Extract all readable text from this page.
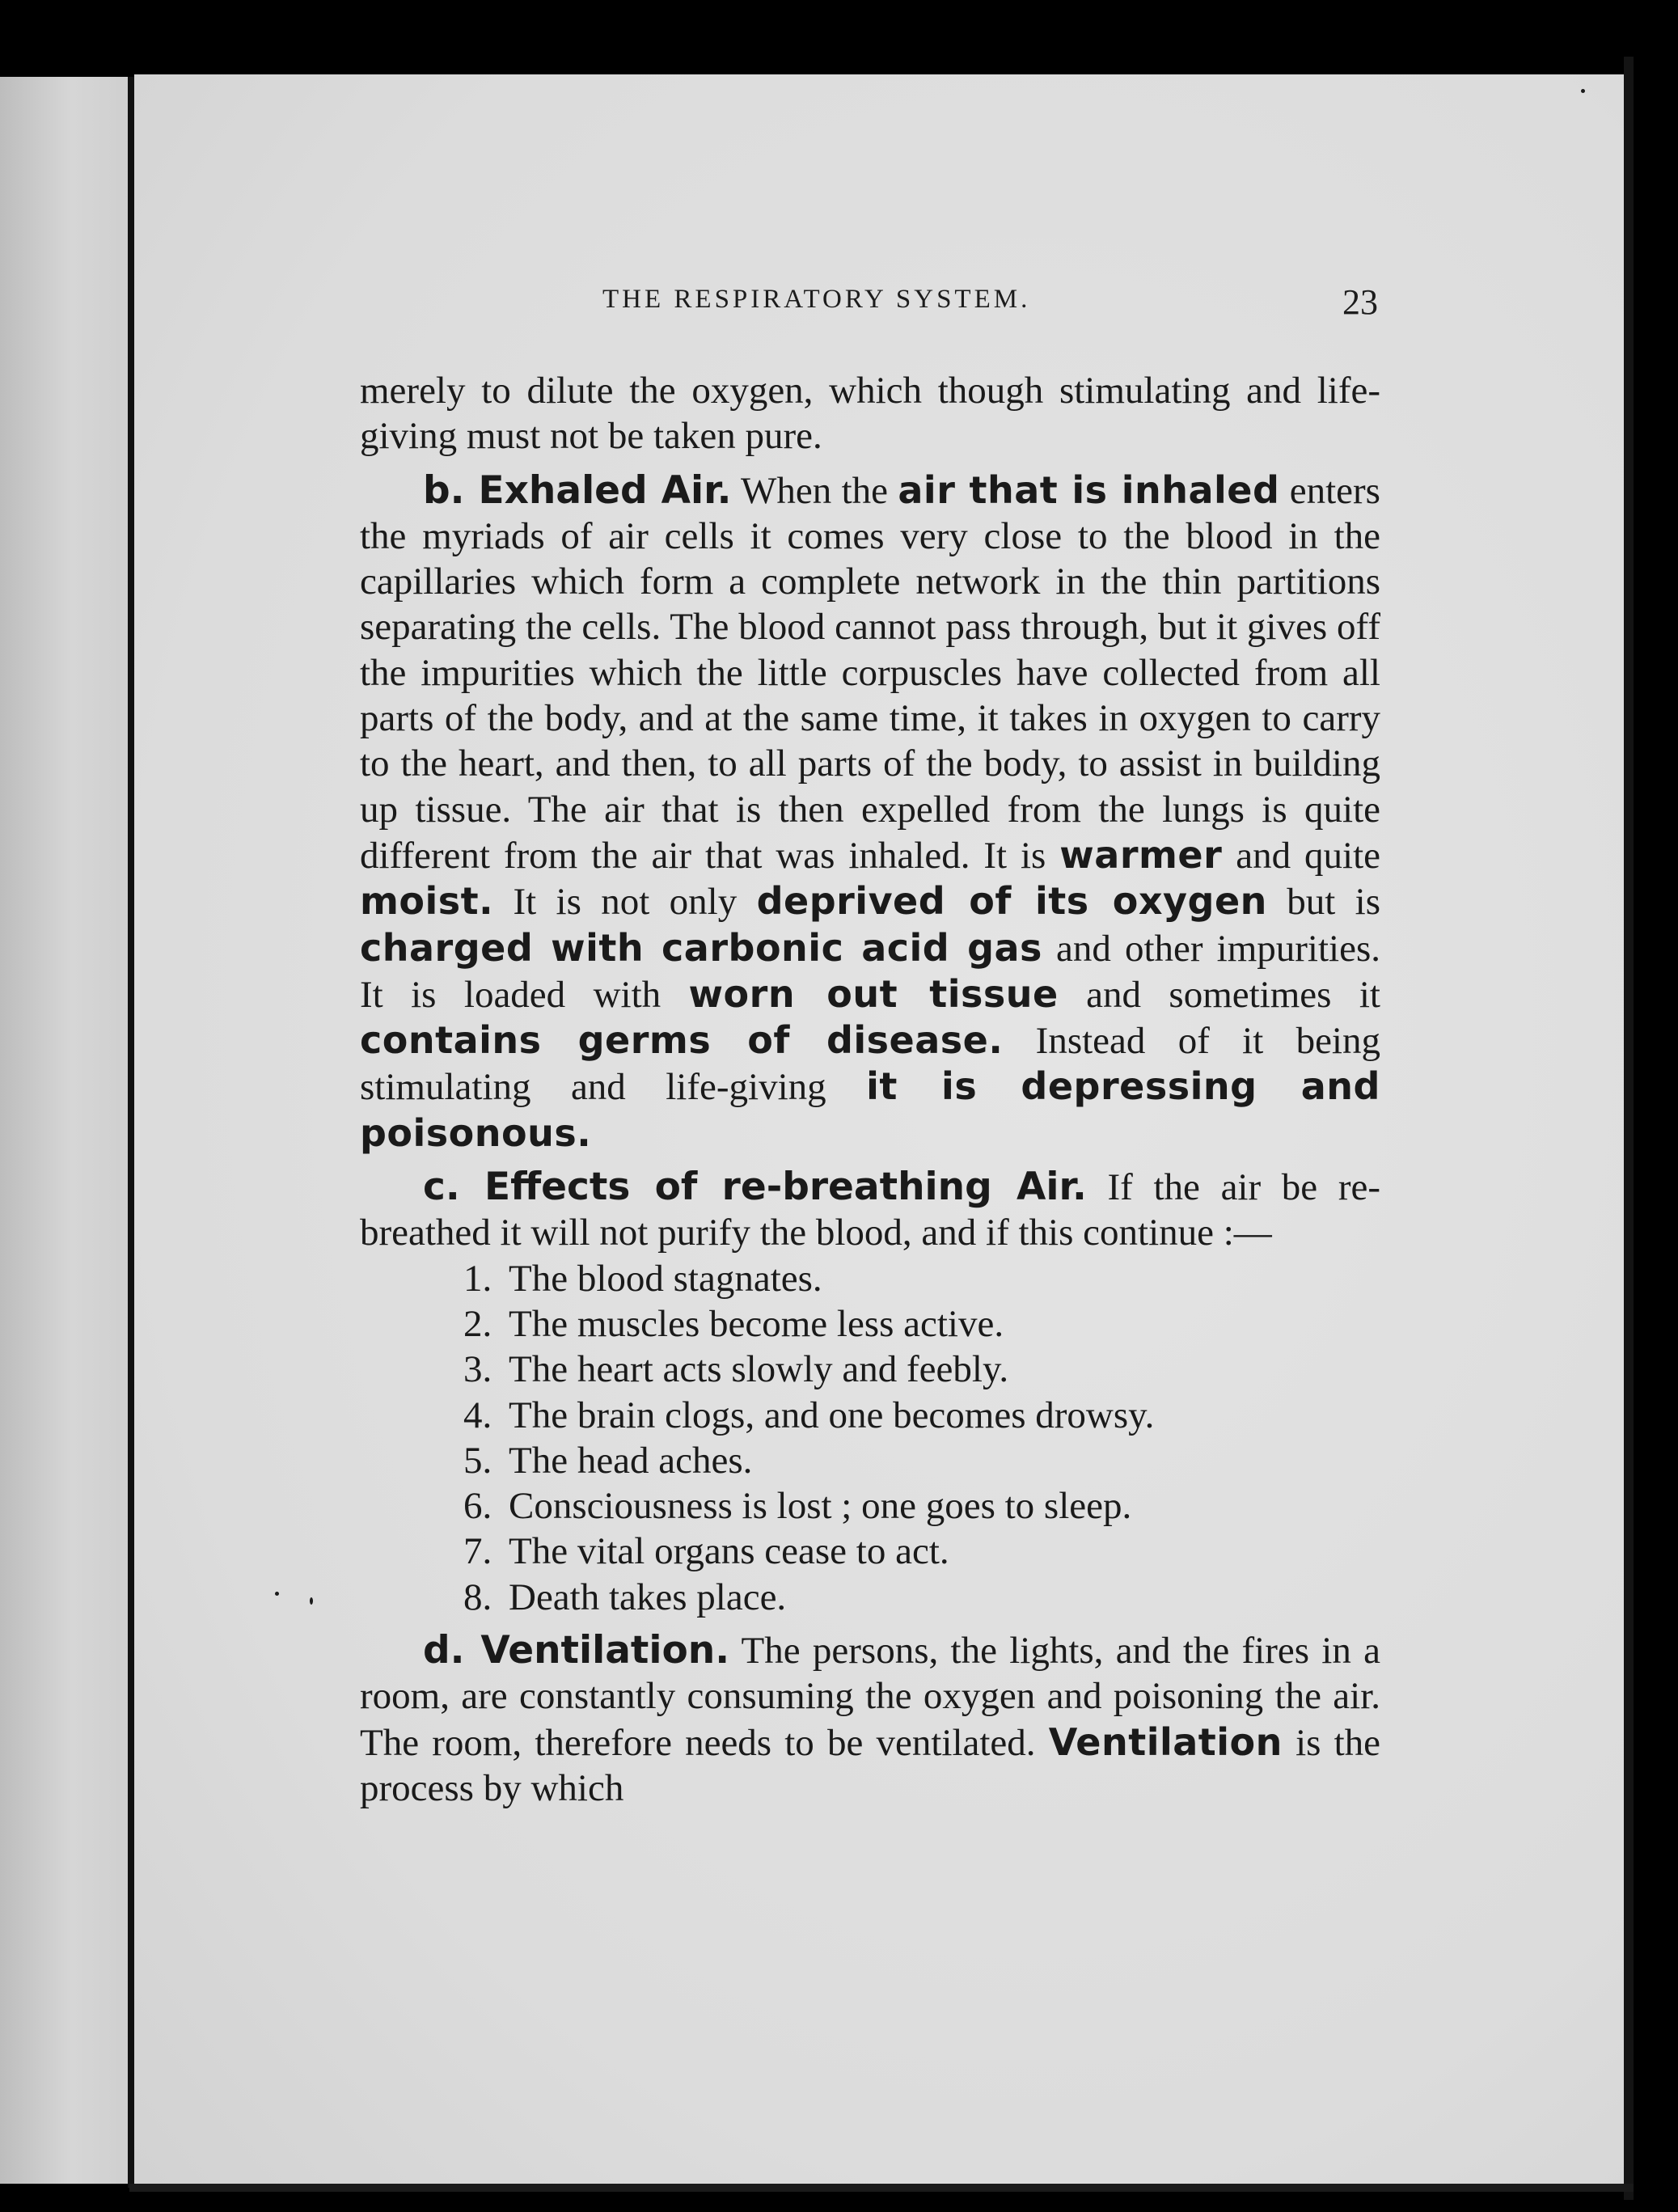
THE RESPIRATORY SYSTEM.	23

merely to dilute the oxygen, which though stimulating and life-giving must not be taken pure.

b. Exhaled Air. When the air that is inhaled enters the myriads of air cells it comes very close to the blood in the capillaries which form a complete network in the thin partitions separating the cells. The blood cannot pass through, but it gives off the impurities which the little corpuscles have collected from all parts of the body, and at the same time, it takes in oxygen to carry to the heart, and then, to all parts of the body, to assist in building up tissue. The air that is then expelled from the lungs is quite different from the air that was inhaled. It is warmer and quite moist. It is not only deprived of its oxygen but is charged with carbonic acid gas and other impurities. It is loaded with worn out tissue and sometimes it contains germs of disease. Instead of it being stimulating and life-giving it is depressing and poisonous.

c. Effects of re-breathing Air. If the air be re-breathed it will not purify the blood, and if this continue :—

1. The blood stagnates.
2. The muscles become less active.
3. The heart acts slowly and feebly.
4. The brain clogs, and one becomes drowsy.
5. The head aches.
6. Consciousness is lost ; one goes to sleep.
7. The vital organs cease to act.
8. Death takes place.

d. Ventilation. The persons, the lights, and the fires in a room, are constantly consuming the oxygen and poisoning the air. The room, therefore needs to be ventilated. Ventilation is the process by which
